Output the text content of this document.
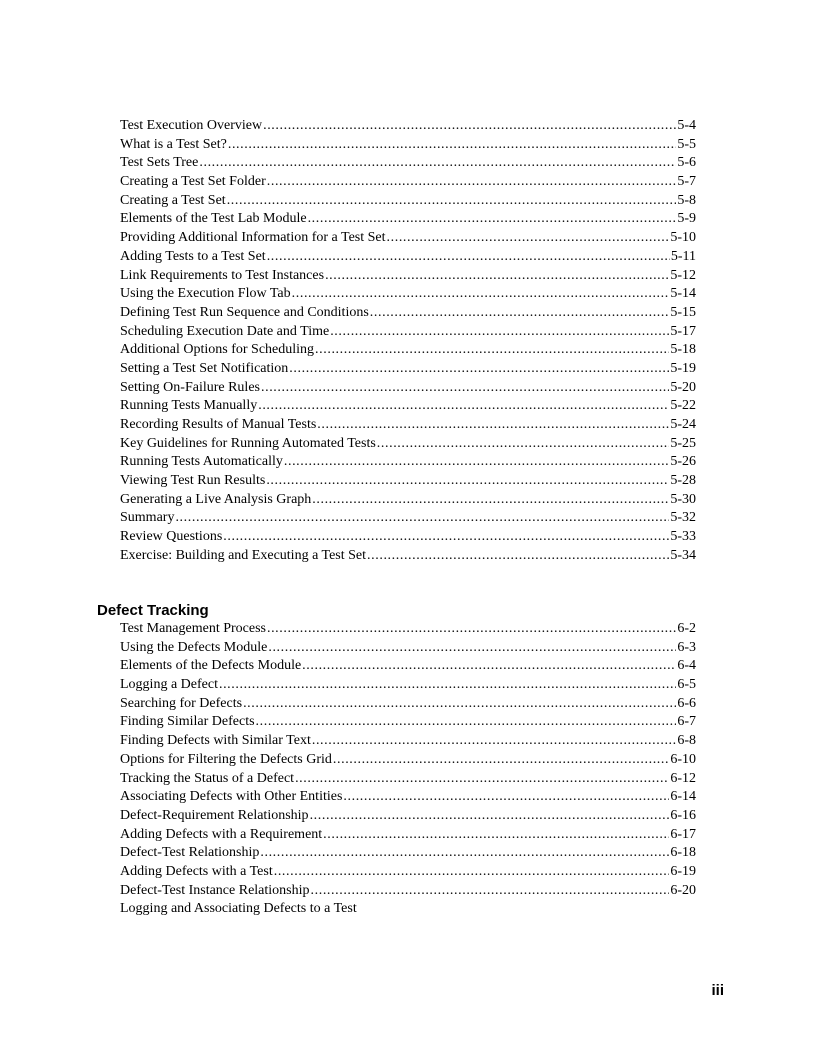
Test Execution Overview . . .	5-4
What is a Test Set? . . .	5-5
Test Sets Tree . . .	5-6
Creating a Test Set Folder . . .	5-7
Creating a Test Set . . .	5-8
Elements of the Test Lab Module . . .	5-9
Providing Additional Information for a Test Set . . .	5-10
Adding Tests to a Test Set . . .	5-11
Link Requirements to Test Instances . . .	5-12
Using the Execution Flow Tab . . .	5-14
Defining Test Run Sequence and Conditions . . .	5-15
Scheduling Execution Date and Time . . .	5-17
Additional Options for Scheduling . . .	5-18
Setting a Test Set Notification . . .	5-19
Setting On-Failure Rules . . .	5-20
Running Tests Manually . . .	5-22
Recording Results of Manual Tests . . .	5-24
Key Guidelines for Running Automated Tests . . .	5-25
Running Tests Automatically . . .	5-26
Viewing Test Run Results . . .	5-28
Generating a Live Analysis Graph . . .	5-30
Summary . . .	5-32
Review Questions . . .	5-33
Exercise: Building and Executing a Test Set . . .	5-34
Defect Tracking
Test Management Process . . .	6-2
Using the Defects Module . . .	6-3
Elements of the Defects Module . . .	6-4
Logging a Defect . . .	6-5
Searching for Defects . . .	6-6
Finding Similar Defects . . .	6-7
Finding Defects with Similar Text . . .	6-8
Options for Filtering the Defects Grid . . .	6-10
Tracking the Status of a Defect . . .	6-12
Associating Defects with Other Entities . . .	6-14
Defect-Requirement Relationship . . .	6-16
Adding Defects with a Requirement . . .	6-17
Defect-Test Relationship . . .	6-18
Adding Defects with a Test . . .	6-19
Defect-Test Instance Relationship . . .	6-20
Logging and Associating Defects to a Test
iii
